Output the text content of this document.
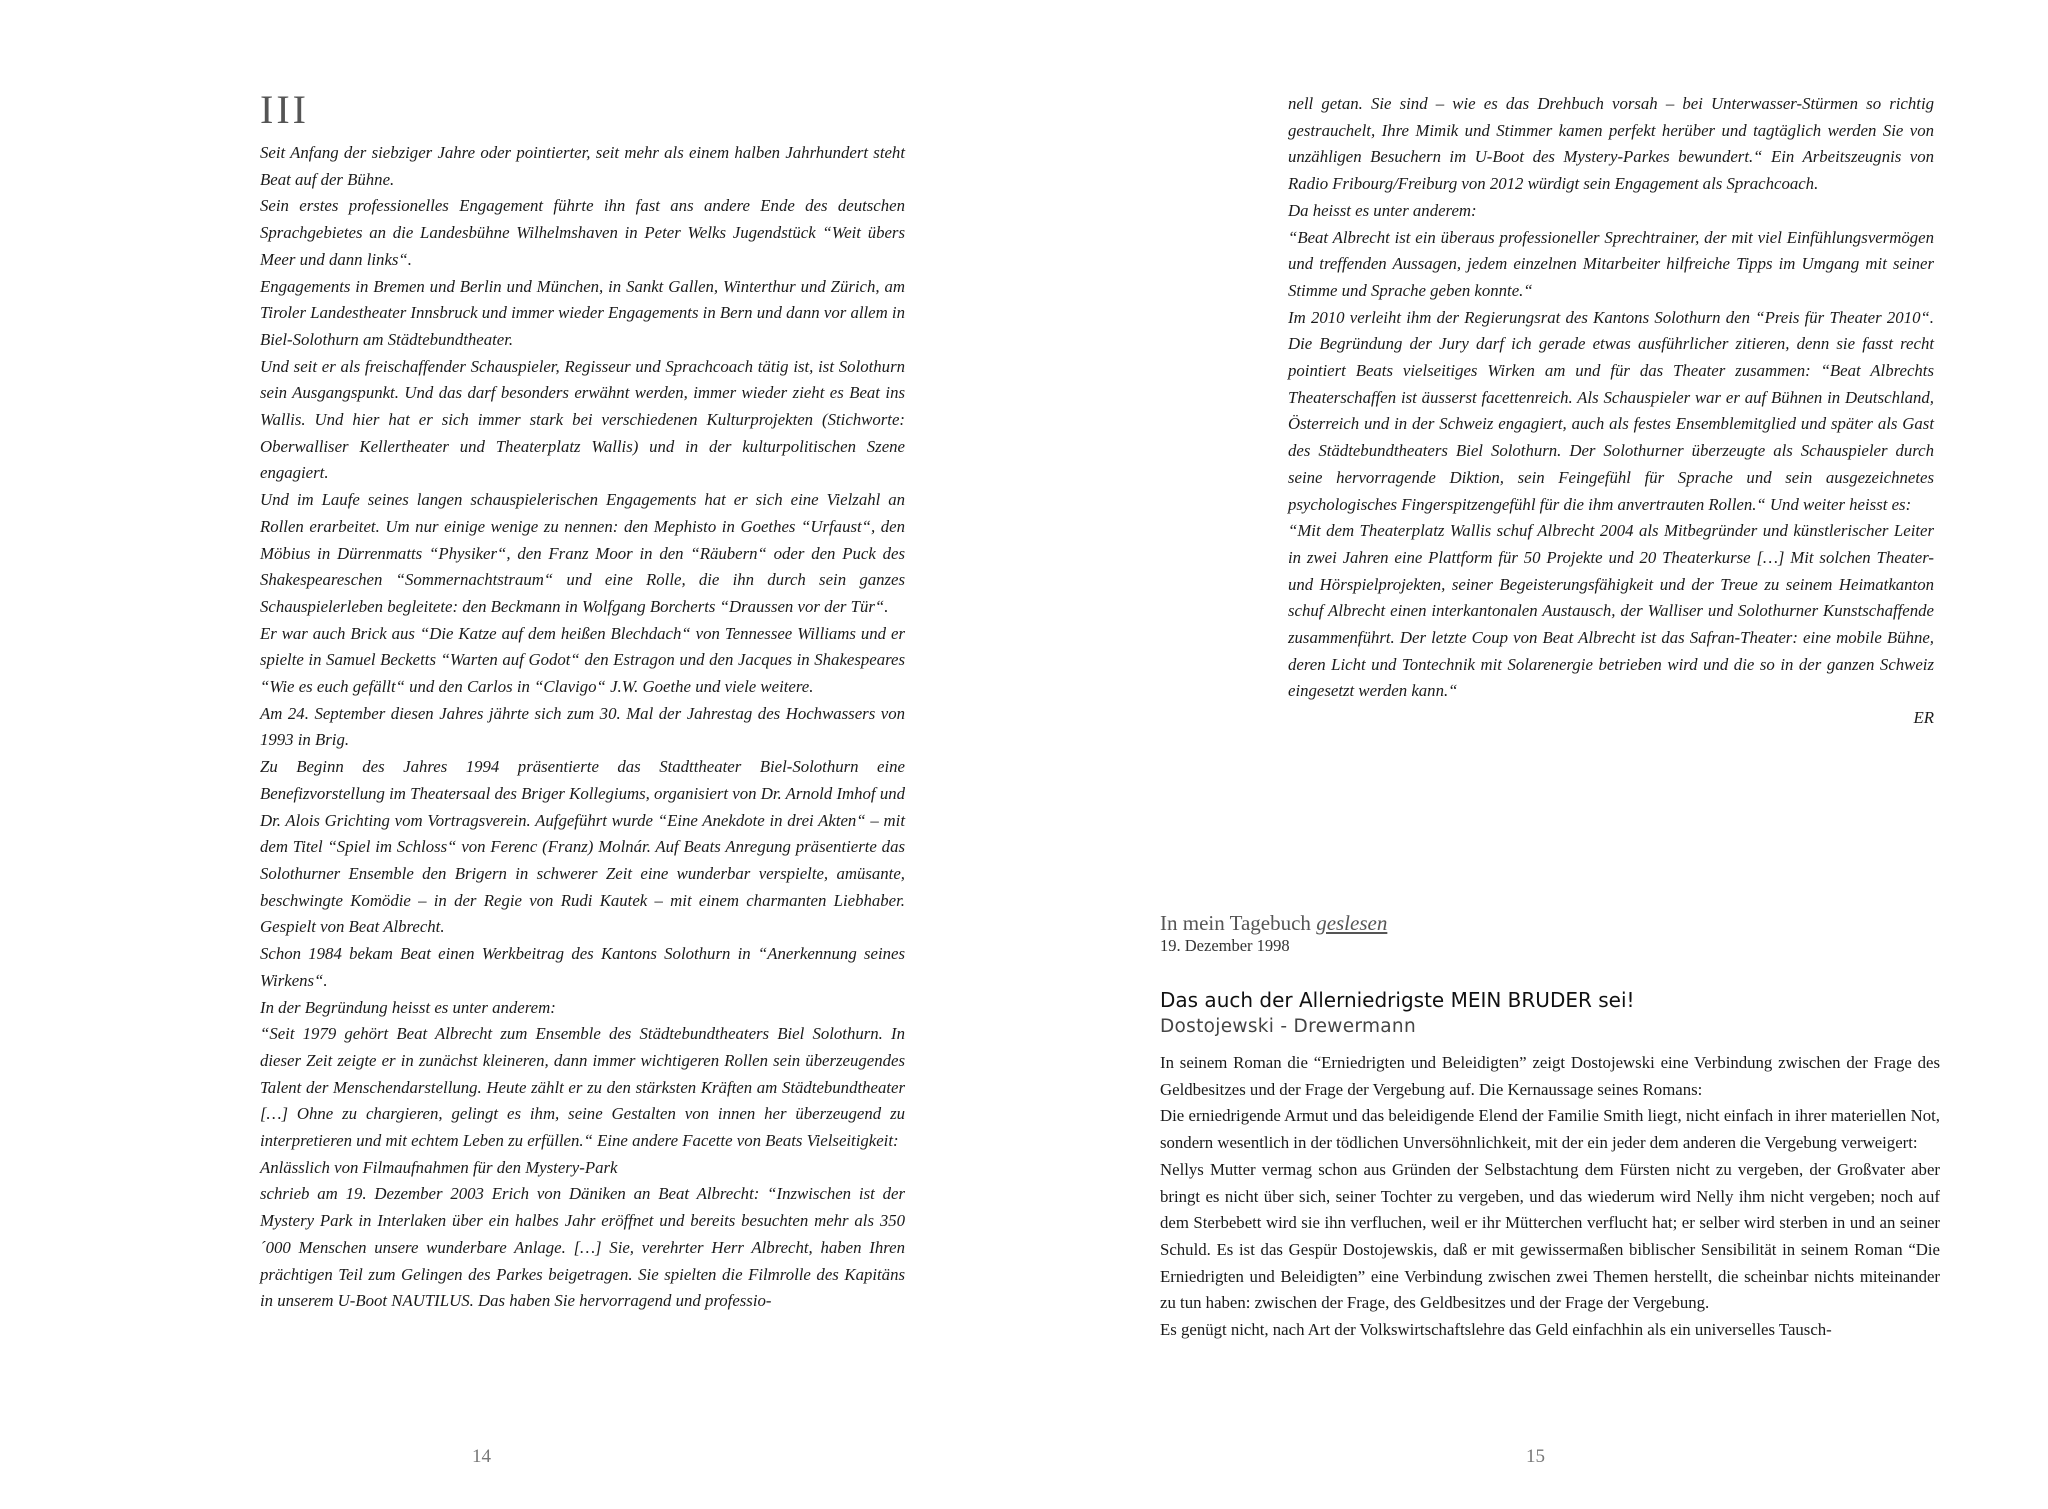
III

Seit Anfang der siebziger Jahre oder pointierter, seit mehr als einem halben Jahrhundert steht Beat auf der Bühne.

Sein erstes professionelles Engagement führte ihn fast ans andere Ende des deutschen Sprachgebietes an die Landesbühne Wilhelmshaven in Peter Welks Jugendstück “Weit übers Meer und dann links“.

Engagements in Bremen und Berlin und München, in Sankt Gallen, Winterthur und Zürich, am Tiroler Landestheater Innsbruck und immer wieder Engagements in Bern und dann vor allem in Biel-Solothurn am Städtebundtheater.

Und seit er als freischaffender Schauspieler, Regisseur und Sprachcoach tätig ist, ist Solothurn sein Ausgangspunkt. Und das darf besonders erwähnt werden, immer wieder zieht es Beat ins Wallis. Und hier hat er sich immer stark bei verschiedenen Kulturprojekten (Stichworte: Oberwalliser Kellertheater und Theaterplatz Wallis) und in der kulturpolitischen Szene engagiert.

Und im Laufe seines langen schauspielerischen Engagements hat er sich eine Vielzahl an Rollen erarbeitet. Um nur einige wenige zu nennen: den Mephisto in Goethes “Urfaust“, den Möbius in Dürrenmatts “Physiker“, den Franz Moor in den “Räubern“ oder den Puck des Shakespeareschen “Sommernachtstraum“ und eine Rolle, die ihn durch sein ganzes Schauspielerleben begleitete: den Beckmann in Wolfgang Borcherts “Draussen vor der Tür“.

Er war auch Brick aus “Die Katze auf dem heißen Blechdach“ von Tennessee Williams und er spielte in Samuel Becketts “Warten auf Godot“ den Estragon und den Jacques in Shakespeares “Wie es euch gefällt“ und den Carlos in “Clavigo“ J.W. Goethe und viele weitere.

Am 24. September diesen Jahres jährte sich zum 30. Mal der Jahrestag des Hochwassers von 1993 in Brig.

Zu Beginn des Jahres 1994 präsentierte das Stadttheater Biel-Solothurn eine Benefizvorstellung im Theatersaal des Briger Kollegiums, organisiert von Dr. Arnold Imhof und Dr. Alois Grichting vom Vortragsverein. Aufgeführt wurde “Eine Anekdote in drei Akten“ – mit dem Titel “Spiel im Schloss“ von Ferenc (Franz) Molnár. Auf Beats Anregung präsentierte das Solothurner Ensemble den Brigern in schwerer Zeit eine wunderbar verspielte, amüsante, beschwingte Komödie – in der Regie von Rudi Kautek – mit einem charmanten Liebhaber. Gespielt von Beat Albrecht.

Schon 1984 bekam Beat einen Werkbeitrag des Kantons Solothurn in “Anerkennung seines Wirkens“.

In der Begründung heisst es unter anderem:

“Seit 1979 gehört Beat Albrecht zum Ensemble des Städtebundtheaters Biel Solothurn. In dieser Zeit zeigte er in zunächst kleineren, dann immer wichtigeren Rollen sein überzeugendes Talent der Menschendarstellung. Heute zählt er zu den stärksten Kräften am Städtebundtheater […] Ohne zu chargieren, gelingt es ihm, seine Gestalten von innen her überzeugend zu interpretieren und mit echtem Leben zu erfüllen.“ Eine andere Facette von Beats Vielseitigkeit:

Anlässlich von Filmaufnahmen für den Mystery-Park

schrieb am 19. Dezember 2003 Erich von Däniken an Beat Albrecht: “Inzwischen ist der Mystery Park in Interlaken über ein halbes Jahr eröffnet und bereits besuchten mehr als 350´000 Menschen unsere wunderbare Anlage. […] Sie, verehrter Herr Albrecht, haben Ihren prächtigen Teil zum Gelingen des Parkes beigetragen. Sie spielten die Filmrolle des Kapitäns in unserem U-Boot NAUTILUS. Das haben Sie hervorragend und professio-

14

nell getan. Sie sind – wie es das Drehbuch vorsah – bei Unterwasser-Stürmen so richtig gestrauchelt, Ihre Mimik und Stimmer kamen perfekt herüber und tagtäglich werden Sie von unzähligen Besuchern im U-Boot des Mystery-Parkes bewundert.“ Ein Arbeitszeugnis von Radio Fribourg/Freiburg von 2012 würdigt sein Engagement als Sprachcoach.

Da heisst es unter anderem:

“Beat Albrecht ist ein überaus professioneller Sprechtrainer, der mit viel Einfühlungsvermögen und treffenden Aussagen, jedem einzelnen Mitarbeiter hilfreiche Tipps im Umgang mit seiner Stimme und Sprache geben konnte.“

Im 2010 verleiht ihm der Regierungsrat des Kantons Solothurn den “Preis für Theater 2010“. Die Begründung der Jury darf ich gerade etwas ausführlicher zitieren, denn sie fasst recht pointiert Beats vielseitiges Wirken am und für das Theater zusammen: “Beat Albrechts Theaterschaffen ist äusserst facettenreich. Als Schauspieler war er auf Bühnen in Deutschland, Österreich und in der Schweiz engagiert, auch als festes Ensemblemitglied und später als Gast des Städtebundtheaters Biel Solothurn. Der Solothurner überzeugte als Schauspieler durch seine hervorragende Diktion, sein Feingefühl für Sprache und sein ausgezeichnetes psychologisches Fingerspitzengefühl für die ihm anvertrauten Rollen.“ Und weiter heisst es:

“Mit dem Theaterplatz Wallis schuf Albrecht 2004 als Mitbegründer und künstlerischer Leiter in zwei Jahren eine Plattform für 50 Projekte und 20 Theaterkurse […] Mit solchen Theater- und Hörspielprojekten, seiner Begeisterungsfähigkeit und der Treue zu seinem Heimatkanton schuf Albrecht einen interkantonalen Austausch, der Walliser und Solothurner Kunstschaffende zusammenführt. Der letzte Coup von Beat Albrecht ist das Safran-Theater: eine mobile Bühne, deren Licht und Tontechnik mit Solarenergie betrieben wird und die so in der ganzen Schweiz eingesetzt werden kann.“

ER

15
In mein Tagebuch geslesen
19. Dezember 1998
Das auch der Allerniedrigste MEIN BRUDER sei!
Dostojewski - Drewermann

In seinem Roman die “Erniedrigten und Beleidigten” zeigt Dostojewski eine Verbindung zwischen der Frage des Geldbesitzes und der Frage der Vergebung auf. Die Kernaussage seines Romans:

Die erniedrigende Armut und das beleidigende Elend der Familie Smith liegt, nicht einfach in ihrer materiellen Not, sondern wesentlich in der tödlichen Unversöhnlichkeit, mit der ein jeder dem anderen die Vergebung verweigert:

Nellys Mutter vermag schon aus Gründen der Selbstachtung dem Fürsten nicht zu vergeben, der Großvater aber bringt es nicht über sich, seiner Tochter zu vergeben, und das wiederum wird Nelly ihm nicht vergeben; noch auf dem Sterbebett wird sie ihn verfluchen, weil er ihr Mütterchen verflucht hat; er selber wird sterben in und an seiner Schuld. Es ist das Gespür Dostojewskis, daß er mit gewissermaßen biblischer Sensibilität in seinem Roman “Die Erniedrigten und Beleidigten” eine Verbindung zwischen zwei Themen herstellt, die scheinbar nichts miteinander zu tun haben: zwischen der Frage, des Geldbesitzes und der Frage der Vergebung.

Es genügt nicht, nach Art der Volkswirtschaftslehre das Geld einfachhin als ein universelles Tausch-
